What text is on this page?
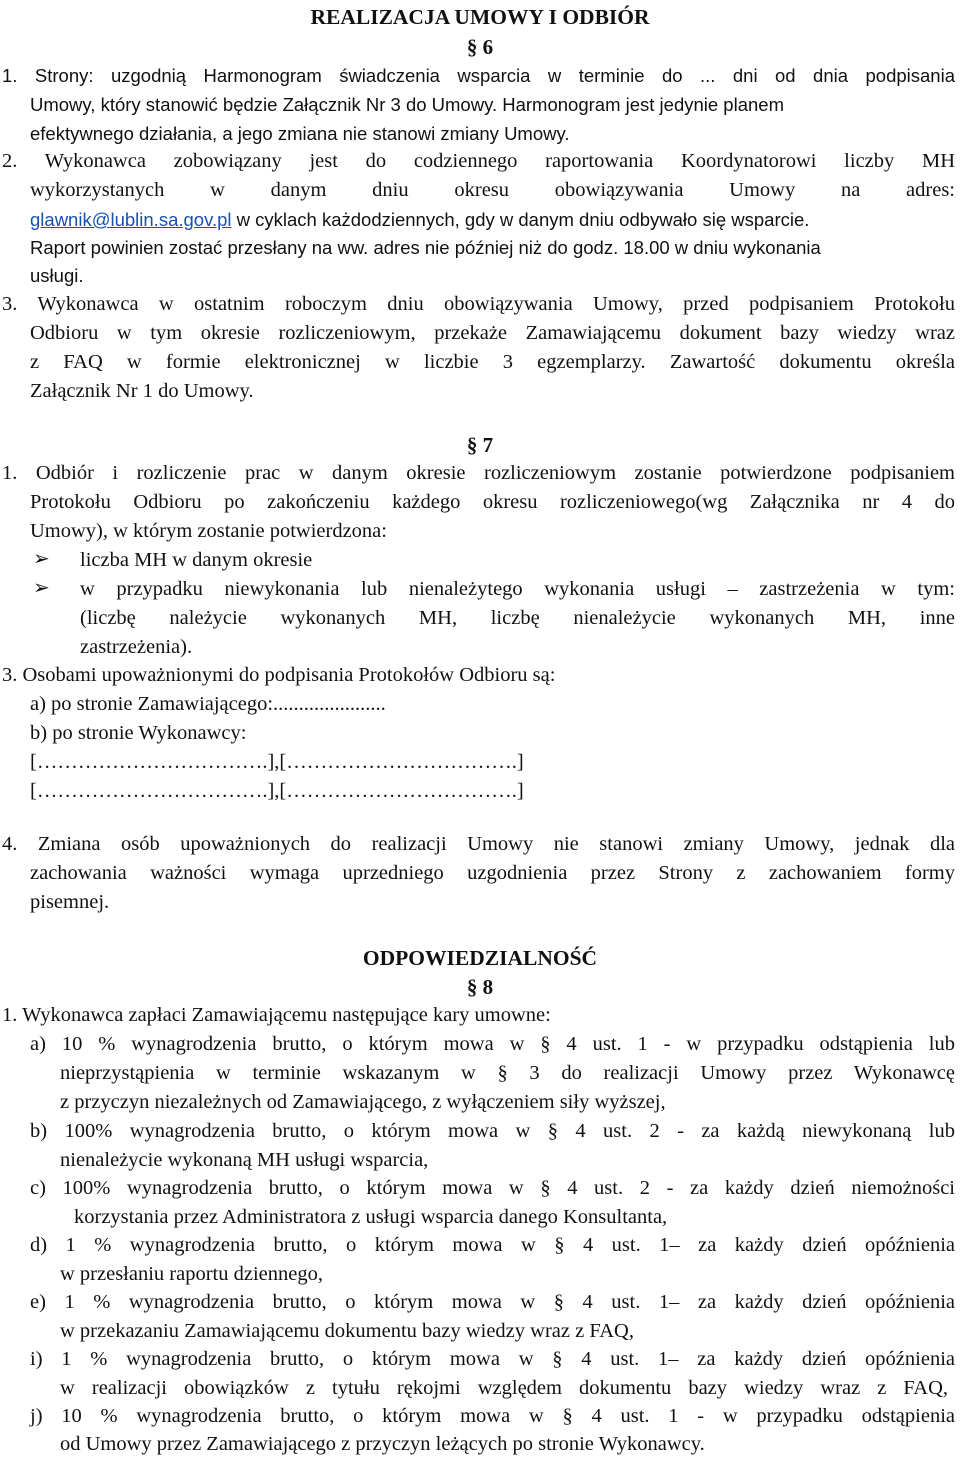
REALIZACJA UMOWY I ODBIÓR
§ 6
1. Strony: uzgodnią Harmonogram świadczenia wsparcia w terminie do ... dni od dnia podpisania
Umowy, który stanowić będzie Załącznik Nr 3 do Umowy. Harmonogram jest jedynie planem
efektywnego działania, a jego zmiana nie stanowi zmiany Umowy.
2. Wykonawca zobowiązany jest do codziennego raportowania Koordynatorowi liczby MH
wykorzystanych w danym dniu okresu obowiązywania Umowy na adres:
glawnik@lublin.sa.gov.pl w cyklach każdodziennych, gdy w danym dniu odbywało się wsparcie.
Raport powinien zostać przesłany na ww. adres nie później niż do godz. 18.00 w dniu wykonania
usługi.
3. Wykonawca w ostatnim roboczym dniu obowiązywania Umowy, przed podpisaniem Protokołu
Odbioru w tym okresie rozliczeniowym, przekaże Zamawiającemu dokument bazy wiedzy wraz
z FAQ w formie elektronicznej w liczbie 3 egzemplarzy. Zawartość dokumentu określa
Załącznik Nr 1 do Umowy.
§ 7
1. Odbiór i rozliczenie prac w danym okresie rozliczeniowym zostanie potwierdzone podpisaniem
Protokołu Odbioru po zakończeniu każdego okresu rozliczeniowego(wg Załącznika nr 4 do
Umowy), w którym zostanie potwierdzona:
➢ liczba MH w danym okresie
➢ w przypadku niewykonania lub nienależytego wykonania usługi – zastrzeżenia w tym:
(liczbę należycie wykonanych MH, liczbę nienależycie wykonanych MH, inne
zastrzeżenia).
3. Osobami upoważnionymi do podpisania Protokołów Odbioru są:
a) po stronie Zamawiającego:......................
b) po stronie Wykonawcy:
[…………………………….],[…………………………….]
[…………………………….],[…………………………….]
4. Zmiana osób upoważnionych do realizacji Umowy nie stanowi zmiany Umowy, jednak dla
zachowania ważności wymaga uprzedniego uzgodnienia przez Strony z zachowaniem formy
pisemnej.
ODPOWIEDZIALNOŚĆ
§ 8
1. Wykonawca zapłaci Zamawiającemu następujące kary umowne:
a) 10 % wynagrodzenia brutto, o którym mowa w § 4 ust. 1 - w przypadku odstąpienia lub
nieprzystąpienia w terminie wskazanym w § 3 do realizacji Umowy przez Wykonawcę
z przyczyn niezależnych od Zamawiającego, z wyłączeniem siły wyższej,
b) 100% wynagrodzenia brutto, o którym mowa w § 4 ust. 2 - za każdą niewykonaną lub
nienależycie wykonaną MH usługi wsparcia,
c) 100% wynagrodzenia brutto, o którym mowa w § 4 ust. 2 - za każdy dzień niemożności
korzystania przez Administratora z usługi wsparcia danego Konsultanta,
d) 1 % wynagrodzenia brutto, o którym mowa w § 4 ust. 1– za każdy dzień opóźnienia
w przesłaniu raportu dziennego,
e) 1 % wynagrodzenia brutto, o którym mowa w § 4 ust. 1– za każdy dzień opóźnienia
w przekazaniu Zamawiającemu dokumentu bazy wiedzy wraz z FAQ,
i) 1 % wynagrodzenia brutto, o którym mowa w § 4 ust. 1– za każdy dzień opóźnienia
w realizacji obowiązków z tytułu rękojmi względem dokumentu bazy wiedzy wraz z FAQ,
j) 10 % wynagrodzenia brutto, o którym mowa w § 4 ust. 1 - w przypadku odstąpienia
od Umowy przez Zamawiającego z przyczyn leżących po stronie Wykonawcy.
